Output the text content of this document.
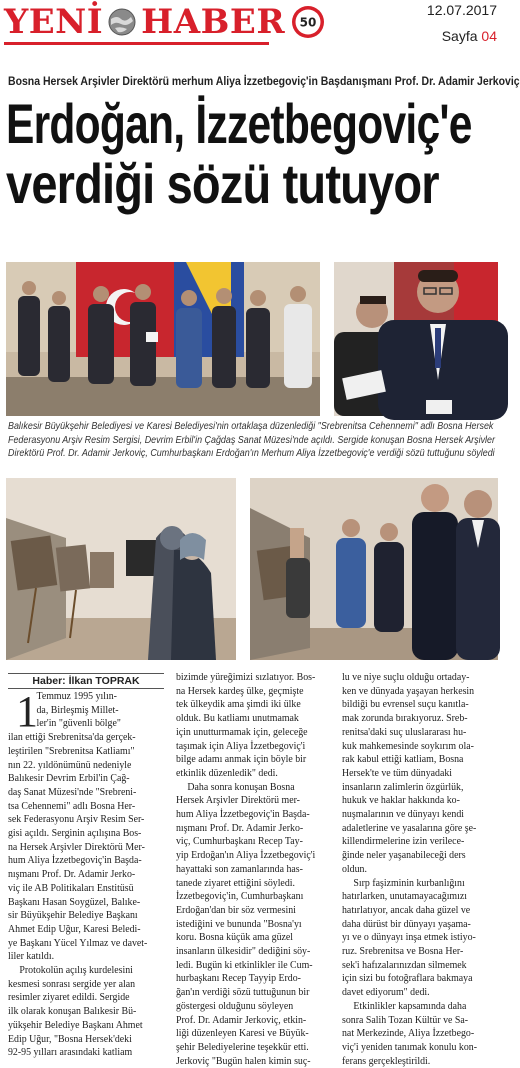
YENİ HABER 50
12.07.2017
Sayfa 04
Bosna Hersek Arşivler Direktörü merhum Aliya İzzetbegoviç'in Başdanışmanı Prof. Dr. Adamir Jerkoviç
Erdoğan, İzzetbegoviç'e
verdiği sözü tutuyor
Balıkesir Büyükşehir Belediyesi ve Karesi Belediyesi'nin ortaklaşa düzenlediği "Srebrenitsa Cehennemi" adlı Bosna Hersek
Federasyonu Arşiv Resim Sergisi, Devrim Erbil'in Çağdaş Sanat Müzesi'nde açıldı. Sergide konuşan Bosna Hersek Arşivler
Direktörü Prof. Dr. Adamir Jerkoviç, Cumhurbaşkanı Erdoğan'ın Merhum Aliya İzzetbegoviç'e verdiği sözü tuttuğunu söyledi
Haber: İlkan TOPRAK
1
Temmuz 1995 yılın-
da, Birleşmiş Millet-
ler'in "güvenli bölge"
ilan ettiği Srebrenitsa'da gerçek-
leştirilen "Srebrenitsa Katliamı"
nın 22. yıldönümünü nedeniyle
Balıkesir Devrim Erbil'in Çağ-
daş Sanat Müzesi'nde "Srebreni-
tsa Cehennemi" adlı Bosna Her-
sek Federasyonu Arşiv Resim Ser-
gisi açıldı. Serginin açılışına Bos-
na Hersek Arşivler Direktörü Mer-
hum Aliya İzzetbegoviç'in Başda-
nışmanı Prof. Dr. Adamir Jerko-
viç ile AB Politikaları Enstitüsü
Başkanı Hasan Soygüzel, Balıke-
sir Büyükşehir Belediye Başkanı
Ahmet Edip Uğur, Karesi Beledi-
ye Başkanı Yücel Yılmaz ve davet-
liler katıldı.
Protokolün açılış kurdelesini
kesmesi sonrası sergide yer alan
resimler ziyaret edildi. Sergide
ilk olarak konuşan Balıkesir Bü-
yükşehir Belediye Başkanı Ahmet
Edip Uğur, "Bosna Hersek'deki
92-95 yılları arasındaki katliam
bizimde yüreğimizi sızlatıyor. Bos-
na Hersek kardeş ülke, geçmişte
tek ülkeydik ama şimdi iki ülke
olduk. Bu katliamı unutmamak
için unutturmamak için, geleceğe
taşımak için Aliya İzzetbegoviç'i
bilge adamı anmak için böyle bir
etkinlik düzenledik" dedi.
Daha sonra konuşan Bosna
Hersek Arşivler Direktörü mer-
hum Aliya İzzetbegoviç'in Başda-
nışmanı Prof. Dr. Adamir Jerko-
viç, Cumhurbaşkanı Recep Tay-
yip Erdoğan'ın Aliya İzzetbegoviç'i
hayattaki son zamanlarında has-
tanede ziyaret ettiğini söyledi.
İzzetbegoviç'in, Cumhurbaşkanı
Erdoğan'dan bir söz vermesini
istediğini ve bununda "Bosna'yı
koru. Bosna küçük ama güzel
insanların ülkesidir" dediğini söy-
ledi. Bugün ki etkinlikler ile Cum-
hurbaşkanı Recep Tayyip Erdo-
ğan'ın verdiği sözü tuttuğunun bir
göstergesi olduğunu söyleyen
Prof. Dr. Adamir Jerkoviç, etkin-
liği düzenleyen Karesi ve Büyük-
şehir Belediyelerine teşekkür etti.
Jerkoviç "Bugün halen kimin suç-
lu ve niye suçlu olduğu ortaday-
ken ve dünyada yaşayan herkesin
bildiği bu evrensel suçu kanıtla-
mak zorunda bırakıyoruz. Sreb-
renitsa'daki suç uluslararası hu-
kuk mahkemesinde soykırım ola-
rak kabul ettiği katliam, Bosna
Hersek'te ve tüm dünyadaki
insanların zalimlerin özgürlük,
hukuk ve haklar hakkında ko-
nuşmalarının ve dünyayı kendi
adaletlerine ve yasalarına göre şe-
killendirmelerine izin verilece-
ğinde neler yaşanabileceği ders
oldun.
Sırp faşizminin kurbanlığını
hatırlarken, unutamayacağımızı
hatırlatıyor, ancak daha güzel ve
daha dürüst bir dünyayı yaşama-
yı ve o dünyayı inşa etmek istiyo-
ruz. Srebrenitsa ve Bosna Her-
sek'i hafızalarınızdan silmemek
için sizi bu fotoğraflara bakmaya
davet ediyorum" dedi.
Etkinlikler kapsamında daha
sonra Salih Tozan Kültür ve Sa-
nat Merkezinde, Aliya İzzetbego-
viç'i yeniden tanımak konulu kon-
ferans gerçekleştirildi.
